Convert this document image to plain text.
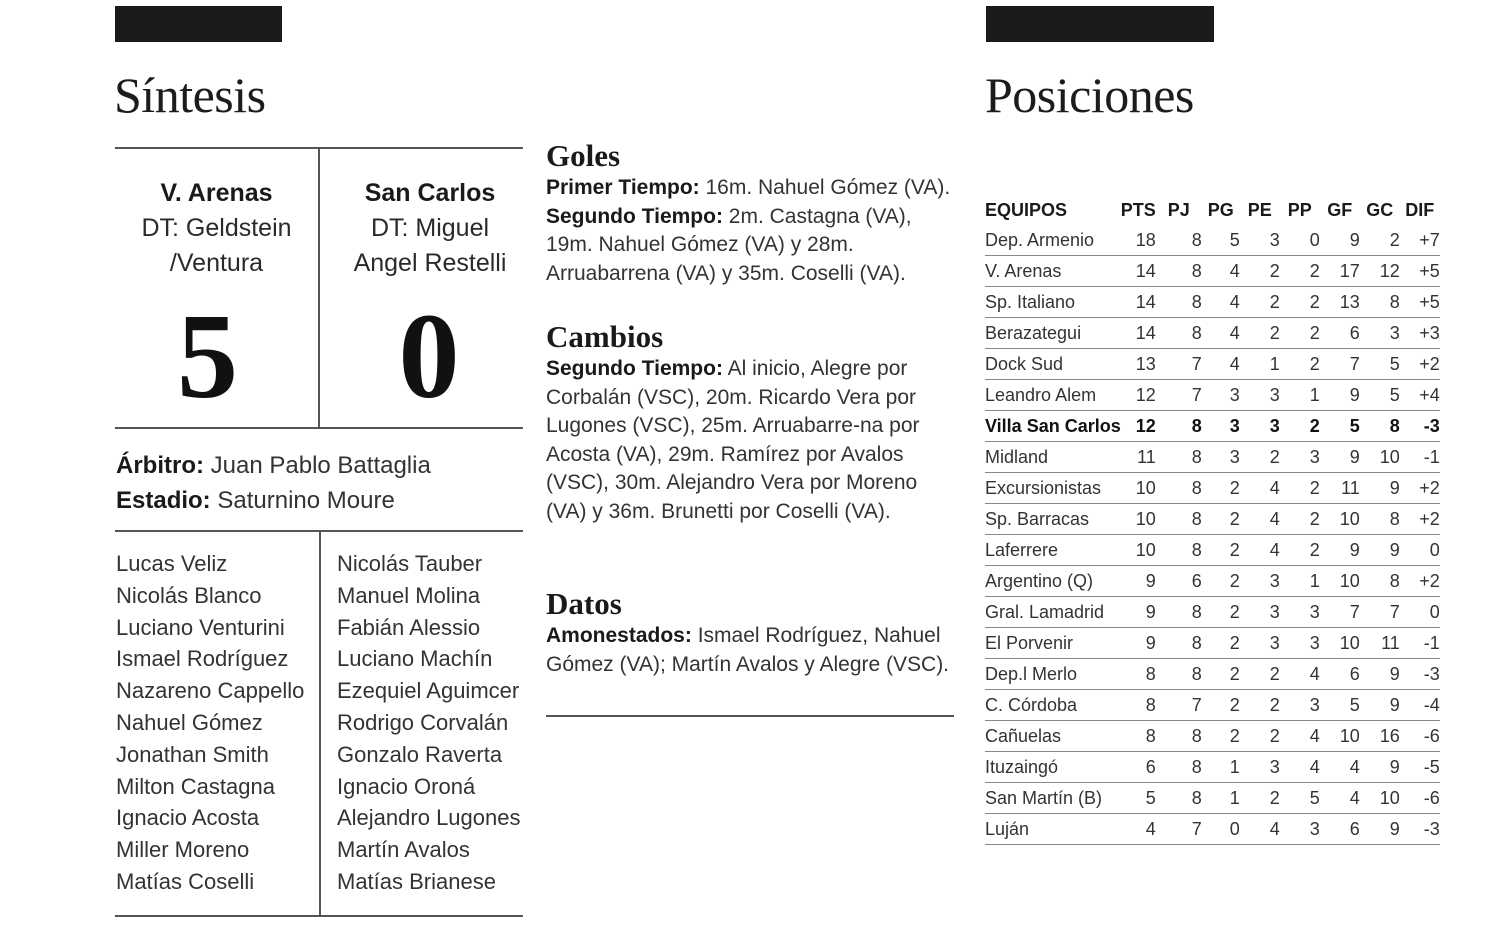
Síntesis	Posiciones
V. Arenas
DT: Geldstein
/Ventura
San Carlos
DT: Miguel
Angel Restelli
5	0
Árbitro: Juan Pablo Battaglia
Estadio: Saturnino Moure
Lucas Veliz
Nicolás Blanco
Luciano Venturini
Ismael Rodríguez
Nazareno Cappello
Nahuel Gómez
Jonathan Smith
Milton Castagna
Ignacio Acosta
Miller Moreno
Matías Coselli
Nicolás Tauber
Manuel Molina
Fabián Alessio
Luciano Machín
Ezequiel Aguimcer
Rodrigo Corvalán
Gonzalo Raverta
Ignacio Oroná
Alejandro Lugones
Martín Avalos
Matías Brianese
Goles

Primer Tiempo: 16m. Nahuel Gómez (VA). Segundo Tiempo: 2m. Castagna (VA), 19m. Nahuel Gómez (VA) y 28m. Arruabarrena (VA) y 35m. Coselli (VA).

Cambios

Segundo Tiempo: Al inicio, Alegre por Corbalán (VSC), 20m. Ricardo Vera por Lugones (VSC), 25m. Arruabarre-na por Acosta (VA), 29m. Ramírez por Avalos (VSC), 30m. Alejandro Vera por Moreno (VA) y 36m. Brunetti por Coselli (VA).

Datos

Amonestados: Ismael Rodríguez, Nahuel Gómez (VA); Martín Avalos y Alegre (VSC).

EQUIPOS	PTS	PJ	PG	PE	PP	GF	GC	DIF
Dep. Armenio	18	8	5	3	0	9	2	+7
V. Arenas	14	8	4	2	2	17	12	+5
Sp. Italiano	14	8	4	2	2	13	8	+5
Berazategui	14	8	4	2	2	6	3	+3
Dock Sud	13	7	4	1	2	7	5	+2
Leandro Alem	12	7	3	3	1	9	5	+4
Villa San Carlos	12	8	3	3	2	5	8	-3
Midland	11	8	3	2	3	9	10	-1
Excursionistas	10	8	2	4	2	11	9	+2
Sp. Barracas	10	8	2	4	2	10	8	+2
Laferrere	10	8	2	4	2	9	9	0
Argentino (Q)	9	6	2	3	1	10	8	+2
Gral. Lamadrid	9	8	2	3	3	7	7	0
El Porvenir	9	8	2	3	3	10	11	-1
Dep.l Merlo	8	8	2	2	4	6	9	-3
C. Córdoba	8	7	2	2	3	5	9	-4
Cañuelas	8	8	2	2	4	10	16	-6
Ituzaingó	6	8	1	3	4	4	9	-5
San Martín (B)	5	8	1	2	5	4	10	-6
Luján	4	7	0	4	3	6	9	-3
